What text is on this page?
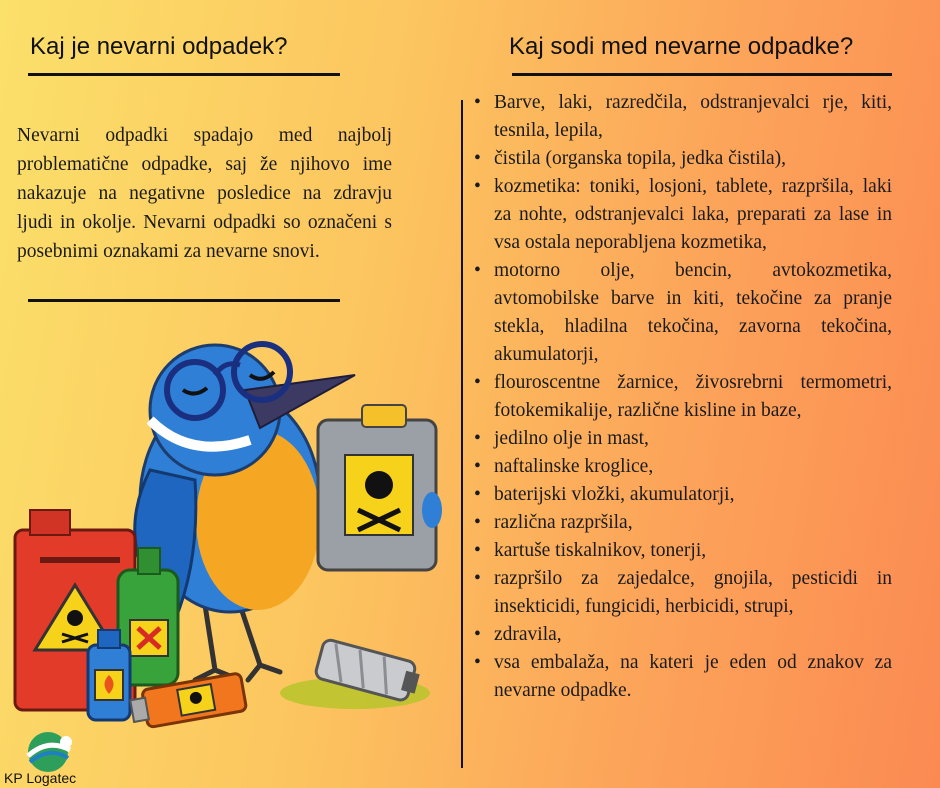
Kaj je nevarni odpadek?

Nevarni odpadki spadajo med najbolj problematične odpadke, saj že njihovo ime nakazuje na negativne posledice na zdravju ljudi in okolje. Nevarni odpadki so označeni s posebnimi oznakami za nevarne snovi.

Kaj sodi med nevarne odpadke?
• Barve, laki, razredčila, odstranjevalci rje, kiti, tesnila, lepila,
• čistila (organska topila, jedka čistila),
• kozmetika: toniki, losjoni, tablete, razpršila, laki za nohte, odstranjevalci laka, preparati za lase in vsa ostala neporabljena kozmetika,
• motorno olje, bencin, avtokozmetika, avtomobilske barve in kiti, tekočine za pranje stekla, hladilna tekočina, zavorna tekočina, akumulatorji,
• flouroscentne žarnice, živosrebrni termometri, fotokemikalije, različne kisline in baze,
• jedilno olje in mast,
• naftalinske kroglice,
• baterijski vložki, akumulatorji,
• različna razpršila,
• kartuše tiskalnikov, tonerji,
• razpršilo za zajedalce, gnojila, pesticidi in insekticidi, fungicidi, herbicidi, strupi,
• zdravila,
• vsa embalaža, na kateri je eden od znakov za nevarne odpadke.
KP Logatec
